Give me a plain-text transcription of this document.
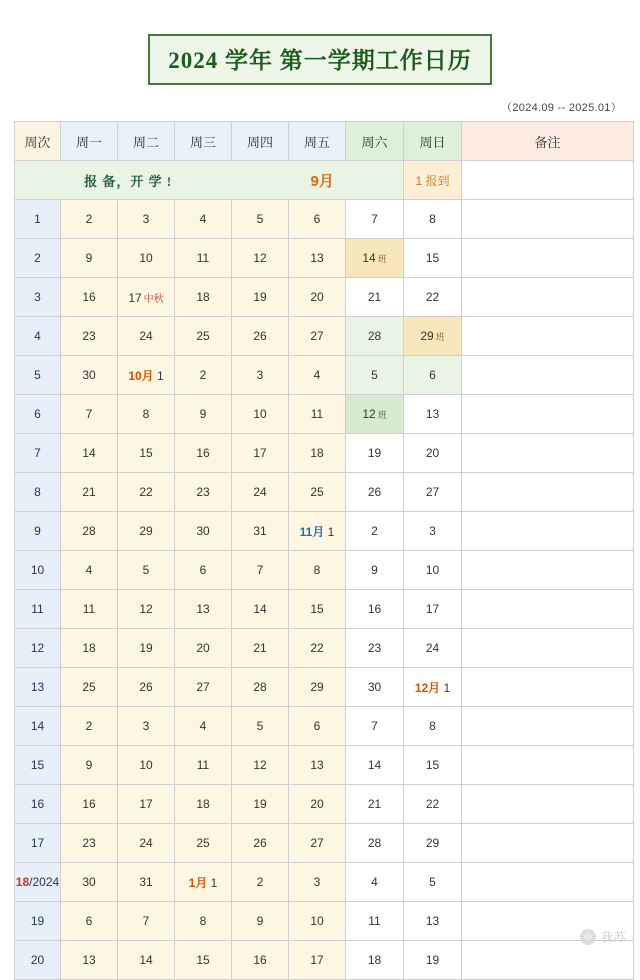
2024 学年 第一学期工作日历
（2024.09 -- 2025.01）
周次	周一	周二	周三	周四	周五	周六	周日	备注

报 备，开 学 ! 9月							1 报到	
1	2	3	4	5	6	7	8	
2	9	10	11	12	13	14 班	15	
3	16	17 中秋	18	19	20	21	22	
4	23	24	25	26	27	28	29 班	
5	30	10月 1	2	3	4	5	6	
6	7	8	9	10	11	12 班	13	
7	14	15	16	17	18	19	20	
8	21	22	23	24	25	26	27	
9	28	29	30	31	11月 1	2	3	
10	4	5	6	7	8	9	10	
11	11	12	13	14	15	16	17	
12	18	19	20	21	22	23	24	
13	25	26	27	28	29	30	12月 1	
14	2	3	4	5	6	7	8	
15	9	10	11	12	13	14	15	
16	16	17	18	19	20	21	22	
17	23	24	25	26	27	28	29	
18/2024	30	31	1月 1	2	3	4	5	
19	6	7	8	9	10	11	13	
20	13	14	15	16	17	18	19	
◎ 我苏
